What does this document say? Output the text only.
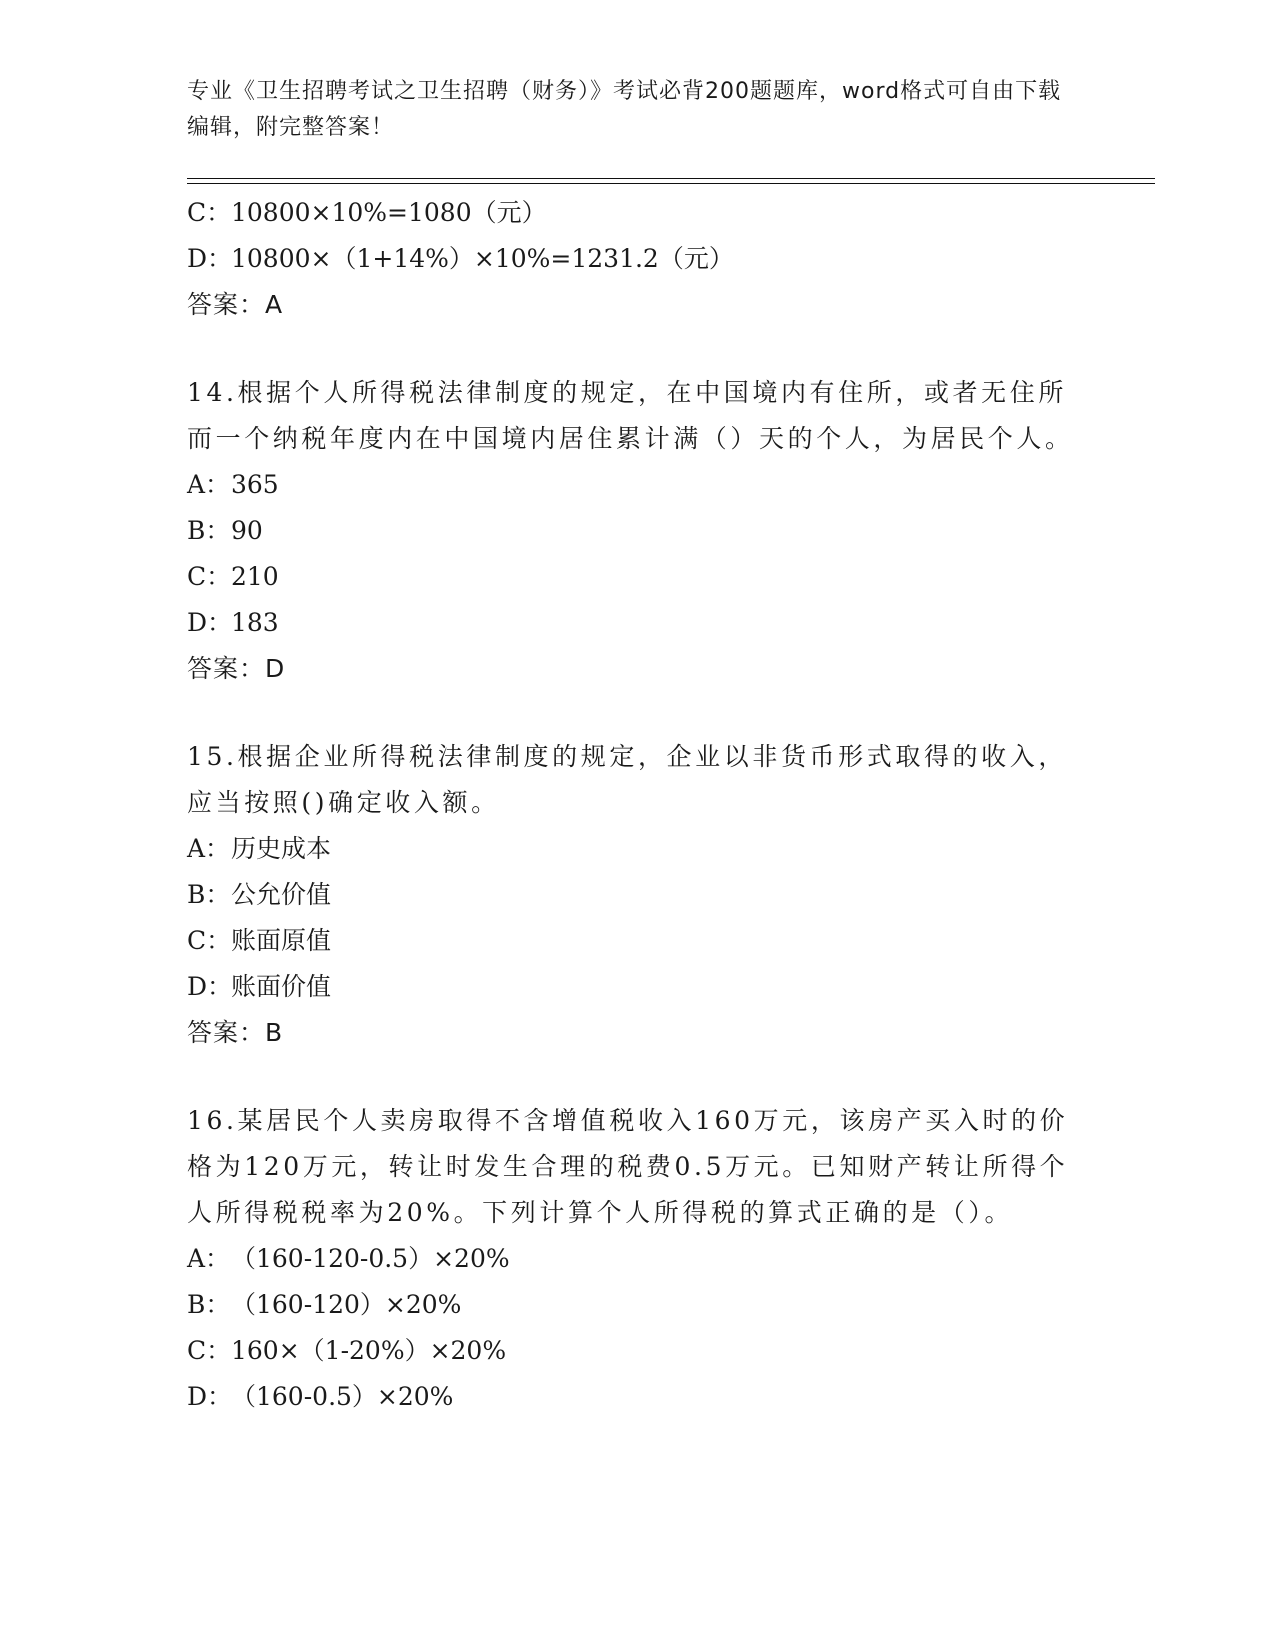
专业《卫生招聘考试之卫生招聘（财务）》考试必背200题题库，word格式可自由下载编辑，附完整答案！
C：10800×10%=1080（元）
D：10800×（1+14%）×10%=1231.2（元）
答案：A
14.根据个人所得税法律制度的规定，在中国境内有住所，或者无住所而一个纳税年度内在中国境内居住累计满（）天的个人，为居民个人。
A：365
B：90
C：210
D：183
答案：D
15.根据企业所得税法律制度的规定，企业以非货币形式取得的收入，应当按照()确定收入额。
A：历史成本
B：公允价值
C：账面原值
D：账面价值
答案：B
16.某居民个人卖房取得不含增值税收入160万元，该房产买入时的价格为120万元，转让时发生合理的税费0.5万元。已知财产转让所得个人所得税税率为20%。下列计算个人所得税的算式正确的是（）。
A：（160-120-0.5）×20%
B：（160-120）×20%
C：160×（1-20%）×20%
D：（160-0.5）×20%
